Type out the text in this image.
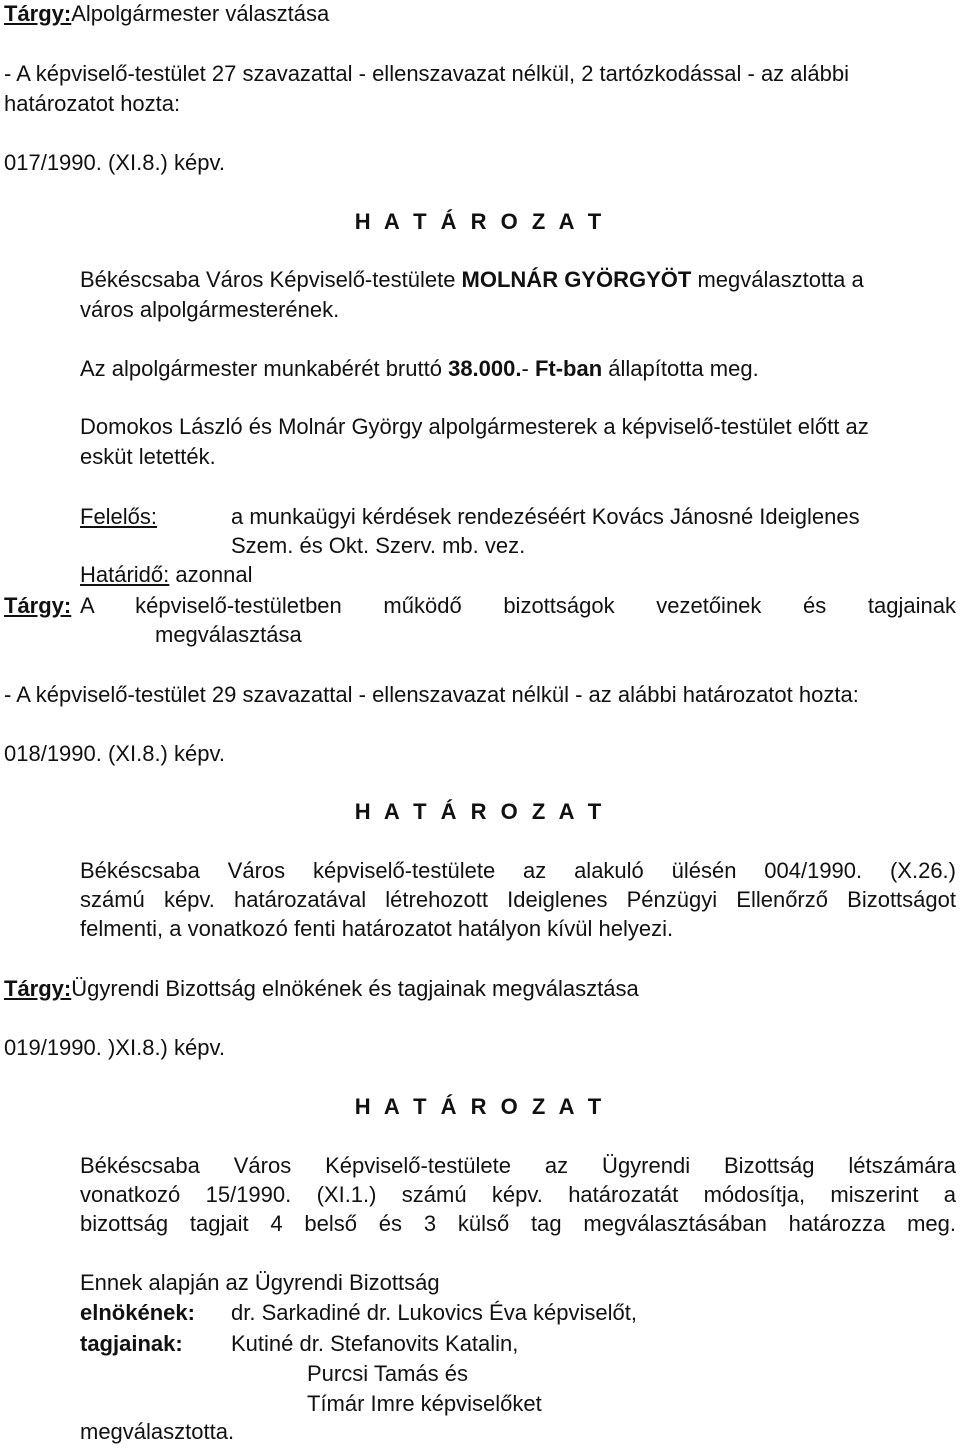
Tárgy:Alpolgármester választása
- A képviselő-testület 27 szavazattal - ellenszavazat nélkül, 2 tartózkodással - az alábbi
határozatot hozta:
017/1990. (XI.8.) képv.
H A T Á R O Z A T
Békéscsaba Város Képviselő-testülete MOLNÁR GYÖRGYÖT megválasztotta a
város alpolgármesterének.
Az alpolgármester munkabérét bruttó 38.000.- Ft-ban állapította meg.
Domokos László és Molnár György alpolgármesterek a képviselő-testület előtt az
esküt letették.
Felelős:	a munkaügyi kérdések rendezéséért Kovács Jánosné Ideiglenes
Szem. és Okt. Szerv. mb. vez.
Határidő: azonnal
Tárgy: A képviselő-testületben működő bizottságok vezetőinek és tagjainak
megválasztása
- A képviselő-testület 29 szavazattal - ellenszavazat nélkül - az alábbi határozatot hozta:
018/1990. (XI.8.) képv.
H A T Á R O Z A T
Békéscsaba Város képviselő-testülete az alakuló ülésén 004/1990. (X.26.)
számú képv. határozatával létrehozott Ideiglenes Pénzügyi Ellenőrző Bizottságot
felmenti, a vonatkozó fenti határozatot hatályon kívül helyezi.
Tárgy:Ügyrendi Bizottság elnökének és tagjainak megválasztása
019/1990. )XI.8.) képv.
H A T Á R O Z A T
Békéscsaba Város Képviselő-testülete az Ügyrendi Bizottság létszámára
vonatkozó 15/1990. (XI.1.) számú képv. határozatát módosítja, miszerint a
bizottság tagjait 4 belső és 3 külső tag megválasztásában határozza meg.
Ennek alapján az Ügyrendi Bizottság
elnökének: dr. Sarkadiné dr. Lukovics Éva képviselőt,
tagjainak: Kutiné dr. Stefanovits Katalin,
Purcsi Tamás és
Tímár Imre képviselőket
megválasztotta.
